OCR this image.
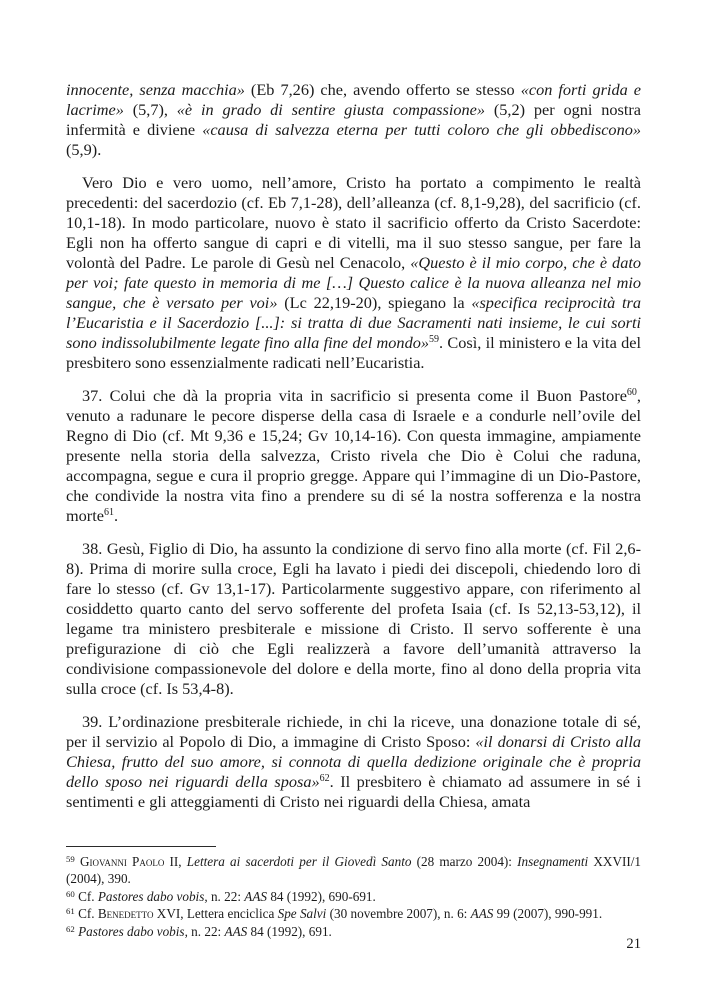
innocente, senza macchia» (Eb 7,26) che, avendo offerto se stesso «con forti grida e lacrime» (5,7), «è in grado di sentire giusta compassione» (5,2) per ogni nostra infermità e diviene «causa di salvezza eterna per tutti coloro che gli obbediscono» (5,9).

Vero Dio e vero uomo, nell’amore, Cristo ha portato a compimento le realtà precedenti: del sacerdozio (cf. Eb 7,1-28), dell’alleanza (cf. 8,1-9,28), del sacrificio (cf. 10,1-18). In modo particolare, nuovo è stato il sacrificio offerto da Cristo Sacerdote: Egli non ha offerto sangue di capri e di vitelli, ma il suo stesso sangue, per fare la volontà del Padre. Le parole di Gesù nel Cenacolo, «Questo è il mio corpo, che è dato per voi; fate questo in memoria di me […] Questo calice è la nuova alleanza nel mio sangue, che è versato per voi» (Lc 22,19-20), spiegano la «specifica reciprocità tra l’Eucaristia e il Sacerdozio [...]: si tratta di due Sacramenti nati insieme, le cui sorti sono indissolubilmente legate fino alla fine del mondo»$^{59}$. Così, il ministero e la vita del presbitero sono essenzialmente radicati nell’Eucaristia.

37. Colui che dà la propria vita in sacrificio si presenta come il Buon Pastore$^{60}$, venuto a radunare le pecore disperse della casa di Israele e a condurle nell’ovile del Regno di Dio (cf. Mt 9,36 e 15,24; Gv 10,14-16). Con questa immagine, ampiamente presente nella storia della salvezza, Cristo rivela che Dio è Colui che raduna, accompagna, segue e cura il proprio gregge. Appare qui l’immagine di un Dio-Pastore, che condivide la nostra vita fino a prendere su di sé la nostra sofferenza e la nostra morte$^{61}$.

38. Gesù, Figlio di Dio, ha assunto la condizione di servo fino alla morte (cf. Fil 2,6-8). Prima di morire sulla croce, Egli ha lavato i piedi dei discepoli, chiedendo loro di fare lo stesso (cf. Gv 13,1-17). Particolarmente suggestivo appare, con riferimento al cosiddetto quarto canto del servo sofferente del profeta Isaia (cf. Is 52,13-53,12), il legame tra ministero presbiterale e missione di Cristo. Il servo sofferente è una prefigurazione di ciò che Egli realizzerà a favore dell’umanità attraverso la condivisione compassionevole del dolore e della morte, fino al dono della propria vita sulla croce (cf. Is 53,4-8).

39. L’ordinazione presbiterale richiede, in chi la riceve, una donazione totale di sé, per il servizio al Popolo di Dio, a immagine di Cristo Sposo: «il donarsi di Cristo alla Chiesa, frutto del suo amore, si connota di quella dedizione originale che è propria dello sposo nei riguardi della sposa»$^{62}$. Il presbitero è chiamato ad assumere in sé i sentimenti e gli atteggiamenti di Cristo nei riguardi della Chiesa, amata

$^{59}$ Giovanni Paolo II, Lettera ai sacerdoti per il Giovedì Santo (28 marzo 2004): Insegnamenti XXVII/1 (2004), 390.
$^{60}$ Cf. Pastores dabo vobis, n. 22: AAS 84 (1992), 690-691.
$^{61}$ Cf. Benedetto XVI, Lettera enciclica Spe Salvi (30 novembre 2007), n. 6: AAS 99 (2007), 990-991.
$^{62}$ Pastores dabo vobis, n. 22: AAS 84 (1992), 691.
21
